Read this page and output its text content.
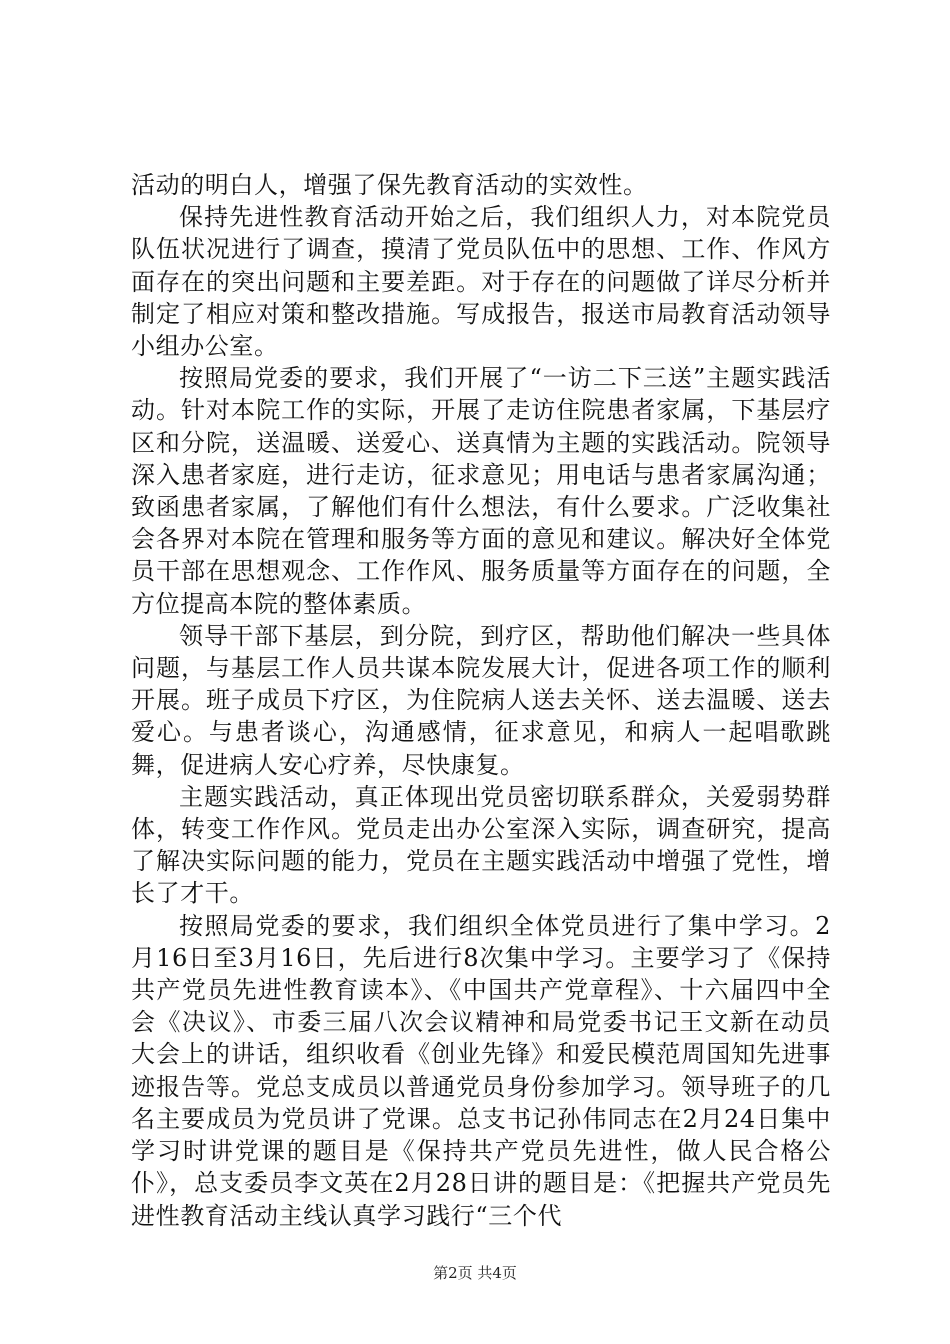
活动的明白人，增强了保先教育活动的实效性。

保持先进性教育活动开始之后，我们组织人力，对本院党员队伍状况进行了调查，摸清了党员队伍中的思想、工作、作风方面存在的突出问题和主要差距。对于存在的问题做了详尽分析并制定了相应对策和整改措施。写成报告，报送市局教育活动领导小组办公室。

按照局党委的要求，我们开展了“一访二下三送”主题实践活动。针对本院工作的实际，开展了走访住院患者家属，下基层疗区和分院，送温暖、送爱心、送真情为主题的实践活动。院领导深入患者家庭，进行走访，征求意见；用电话与患者家属沟通；致函患者家属，了解他们有什么想法，有什么要求。广泛收集社会各界对本院在管理和服务等方面的意见和建议。解决好全体党员干部在思想观念、工作作风、服务质量等方面存在的问题，全方位提高本院的整体素质。

领导干部下基层，到分院，到疗区，帮助他们解决一些具体问题，与基层工作人员共谋本院发展大计，促进各项工作的顺利开展。班子成员下疗区，为住院病人送去关怀、送去温暖、送去爱心。与患者谈心，沟通感情，征求意见，和病人一起唱歌跳舞，促进病人安心疗养，尽快康复。

主题实践活动，真正体现出党员密切联系群众，关爱弱势群体，转变工作作风。党员走出办公室深入实际，调查研究，提高了解决实际问题的能力，党员在主题实践活动中增强了党性，增长了才干。

按照局党委的要求，我们组织全体党员进行了集中学习。2月16日至3月16日，先后进行8次集中学习。主要学习了《保持共产党员先进性教育读本》、《中国共产党章程》、十六届四中全会《决议》、市委三届八次会议精神和局党委书记王文新在动员大会上的讲话，组织收看《创业先锋》和爱民模范周国知先进事迹报告等。党总支成员以普通党员身份参加学习。领导班子的几名主要成员为党员讲了党课。总支书记孙伟同志在2月24日集中学习时讲党课的题目是《保持共产党员先进性，做人民合格公仆》，总支委员李文英在2月28日讲的题目是：《把握共产党员先进性教育活动主线认真学习践行“三个代

第2页 共4页
